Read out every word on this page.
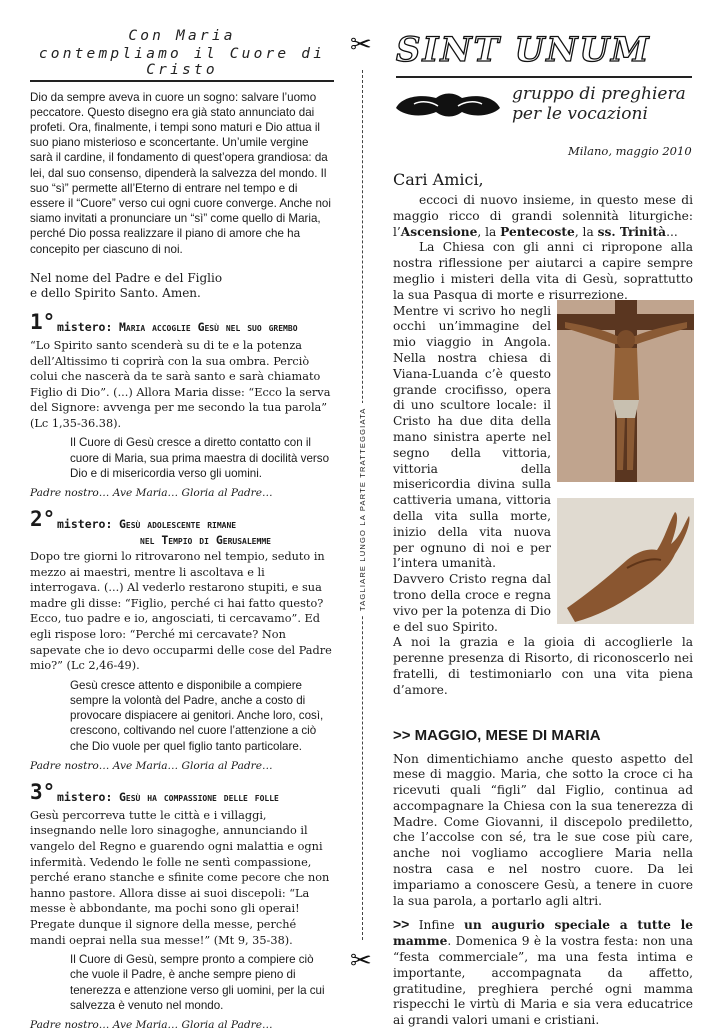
Con Maria
contempliamo il Cuore di Cristo

Dio da sempre aveva in cuore un sogno: salvare l’uomo peccatore. Questo disegno era già stato annunciato dai profeti. Ora, finalmente, i tempi sono maturi e Dio attua il suo piano misterioso e sconcertante. Un’umile vergine sarà il cardine, il fondamento di quest’opera grandiosa: da lei, dal suo consenso, dipenderà la salvezza del mondo. Il suo “sì” permette all’Eterno di entrare nel tempo e di essere il “Cuore” verso cui ogni cuore converge. Anche noi siamo invitati a pronunciare un “sì” come quello di Maria, perché Dio possa realizzare il piano di amore che ha concepito per ciascuno di noi.

Nel nome del Padre e del Figlio

e dello Spirito Santo. Amen.

1° mistero: Maria accoglie Gesù nel suo grembo

“Lo Spirito santo scenderà su di te e la potenza dell’Altissimo ti coprirà con la sua ombra. Perciò colui che nascerà da te sarà santo e sarà chiamato Figlio di Dio”. (...) Allora Maria disse: “Ecco la serva del Signore: avvenga per me secondo la tua parola” (Lc 1,35-36.38).

Il Cuore di Gesù cresce a diretto contatto con il cuore di Maria, sua prima maestra di docilità verso Dio e di misericordia verso gli uomini.

Padre nostro… Ave Maria… Gloria al Padre…

2° mistero: Gesù adolescente rimane
nel Tempio di Gerusalemme

Dopo tre giorni lo ritrovarono nel tempio, seduto in mezzo ai maestri, mentre li ascoltava e li interrogava. (...) Al vederlo restarono stupiti, e sua madre gli disse: “Figlio, perché ci hai fatto questo? Ecco, tuo padre e io, angosciati, ti cercavamo”. Ed egli rispose loro: “Perché mi cercavate? Non sapevate che io devo occuparmi delle cose del Padre mio?” (Lc 2,46-49).

Gesù cresce attento e disponibile a compiere sempre la volontà del Padre, anche a costo di provocare dispiacere ai genitori. Anche loro, così, crescono, coltivando nel cuore l’attenzione a ciò che Dio vuole per quel figlio tanto particolare.

Padre nostro… Ave Maria… Gloria al Padre…

3° mistero: Gesù ha compassione delle folle

Gesù percorreva tutte le città e i villaggi, insegnando nelle loro sinagoghe, annunciando il vangelo del Regno e guarendo ogni malattia e ogni infermità. Vedendo le folle ne sentì compassione, perché erano stanche e sfinite come pecore che non hanno pastore. Allora disse ai suoi discepoli: “La messe è abbondante, ma pochi sono gli operai! Pregate dunque il signore della messe, perché mandi oeprai nella sua messe!” (Mt 9, 35-38).

Il Cuore di Gesù, sempre pronto a compiere ciò che vuole il Padre, è anche sempre pieno di tenerezza e attenzione verso gli uomini, per la cui salvezza è venuto nel mondo.

Padre nostro… Ave Maria… Gloria al Padre…

✂
✂
TAGLIARE LUNGO LA PARTE TRATTEGGIATA
SINT UNUM
gruppo di preghiera
per le vocazioni
Milano, maggio 2010
Cari Amici,

eccoci di nuovo insieme, in questo mese di maggio ricco di grandi solennità liturgiche: l’Ascensione, la Pentecoste, la ss. Trinità...

La Chiesa con gli anni ci ripropone alla nostra riflessione per aiutarci a capire sempre meglio i misteri della vita di Gesù, soprattutto la sua Pasqua di morte e risurrezione.

Mentre vi scrivo ho negli occhi un’immagine del mio viaggio in Angola. Nella nostra chiesa di Viana-Luanda c’è questo grande crocifisso, opera di uno scultore locale: il Cristo ha due dita della mano sinistra aperte nel segno della vittoria, vittoria della misericordia divina sulla cattiveria umana, vittoria della vita sulla morte, inizio della vita nuova per ognuno di noi e per l’intera umanità.

Davvero Cristo regna dal trono della croce e regna vivo per la potenza di Dio e del suo Spirito.

A noi la grazia e la gioia di accoglierle la perenne presenza di Risorto, di riconoscerlo nei fratelli, di testimoniarlo con una vita piena d’amore.

>> MAGGIO, MESE DI MARIA

Non dimentichiamo anche questo aspetto del mese di maggio. Maria, che sotto la croce ci ha ricevuti quali “figli” dal Figlio, continua ad accompagnare la Chiesa con la sua tenerezza di Madre. Come Giovanni, il discepolo prediletto, che l’accolse con sé, tra le sue cose più care, anche noi vogliamo accogliere Maria nella nostra casa e nel nostro cuore. Da lei impariamo a conoscere Gesù, a tenere in cuore la sua parola, a portarlo agli altri.

>> Infine un augurio speciale a tutte le mamme. Domenica 9 è la vostra festa: non una “festa commerciale”, ma una festa intima e importante, accompagnata da affetto, gratitudine, preghiera perché ogni mamma rispecchi le virtù di Maria e sia vera educatrice ai grandi valori umani e cristiani.
